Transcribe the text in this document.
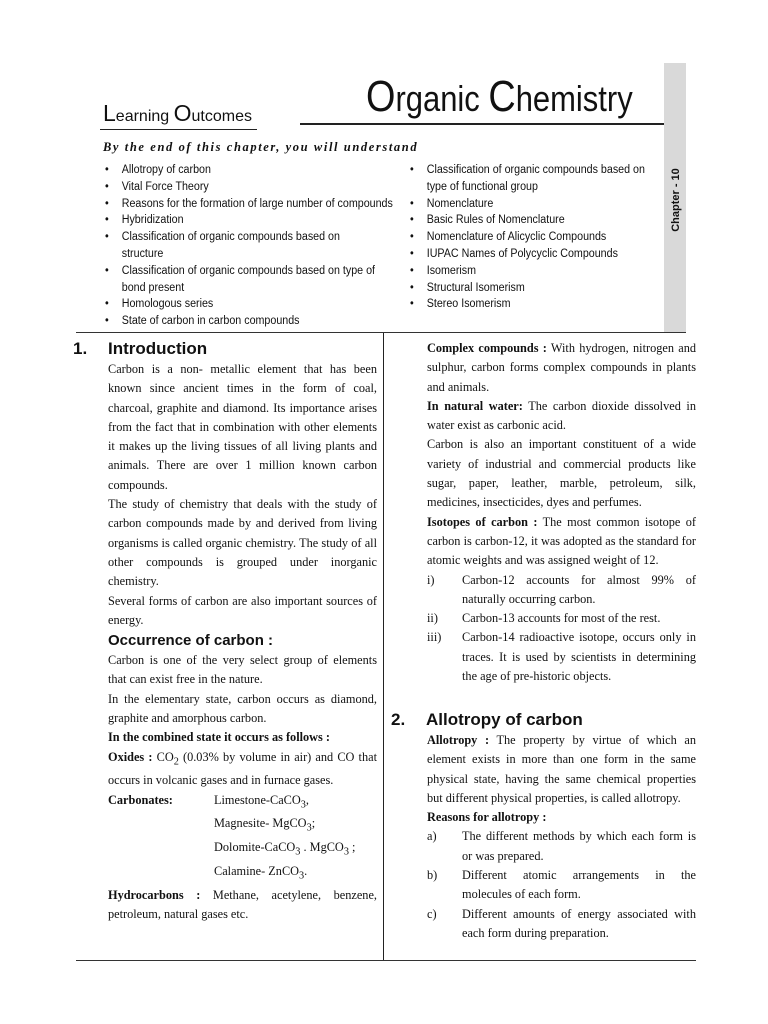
Learning Outcomes	Organic Chemistry
Chapter - 10
By the end of this chapter, you will understand
• Allotropy of carbon
• Vital Force Theory
• Reasons for the formation of large number of compounds
• Hybridization
• Classification of organic compounds based on structure
• Classification of organic compounds based on type of bond present
• Homologous series
• State of carbon in carbon compounds
• Classification of organic compounds based on type of functional group
• Nomenclature
• Basic Rules of Nomenclature
• Nomenclature of Alicyclic Compounds
• IUPAC Names of Polycyclic Compounds
• Isomerism
• Structural Isomerism
• Stereo Isomerism
1. Introduction

Carbon is a non- metallic element that has been known since ancient times in the form of coal, charcoal, graphite and diamond. Its importance arises from the fact that in combination with other elements it makes up the living tissues of all living plants and animals. There are over 1 million known carbon compounds.

The study of chemistry that deals with the study of carbon compounds made by and derived from living organisms is called organic chemistry. The study of all other compounds is grouped under inorganic chemistry.

Several forms of carbon are also important sources of energy.

Occurrence of carbon :

Carbon is one of the very select group of elements that can exist free in the nature.

In the elementary state, carbon occurs as diamond, graphite and amorphous carbon.

In the combined state it occurs as follows :

Oxides : $CO_2$ (0.03% by volume in air) and CO that occurs in volcanic gases and in furnace gases.

Carbonates:	Limestone-CaCO$_3$,
Magnesite- MgCO$_3$;
Dolomite-CaCO$_3$ . MgCO$_3$ ;
Calamine- ZnCO$_3$.

Hydrocarbons : Methane, acetylene, benzene, petroleum, natural gases etc.

Complex compounds : With hydrogen, nitrogen and sulphur, carbon forms complex compounds in plants and animals.

In natural water: The carbon dioxide dissolved in water exist as carbonic acid.

Carbon is also an important constituent of a wide variety of industrial and commercial products like sugar, paper, leather, marble, petroleum, silk, medicines, insecticides, dyes and perfumes.

Isotopes of carbon : The most common isotope of carbon is carbon-12, it was adopted as the standard for atomic weights and was assigned weight of 12.

i)	Carbon-12 accounts for almost 99% of naturally occurring carbon.
ii)	Carbon-13 accounts for most of the rest.
iii)	Carbon-14 radioactive isotope, occurs only in traces. It is used by scientists in determining the age of pre-historic objects.
2. Allotropy of carbon

Allotropy : The property by virtue of which an element exists in more than one form in the same physical state, having the same chemical properties but different physical properties, is called allotropy.

Reasons for allotropy :

a)	The different methods by which each form is or was prepared.
b)	Different atomic arrangements in the molecules of each form.
c)	Different amounts of energy associated with each form during preparation.
